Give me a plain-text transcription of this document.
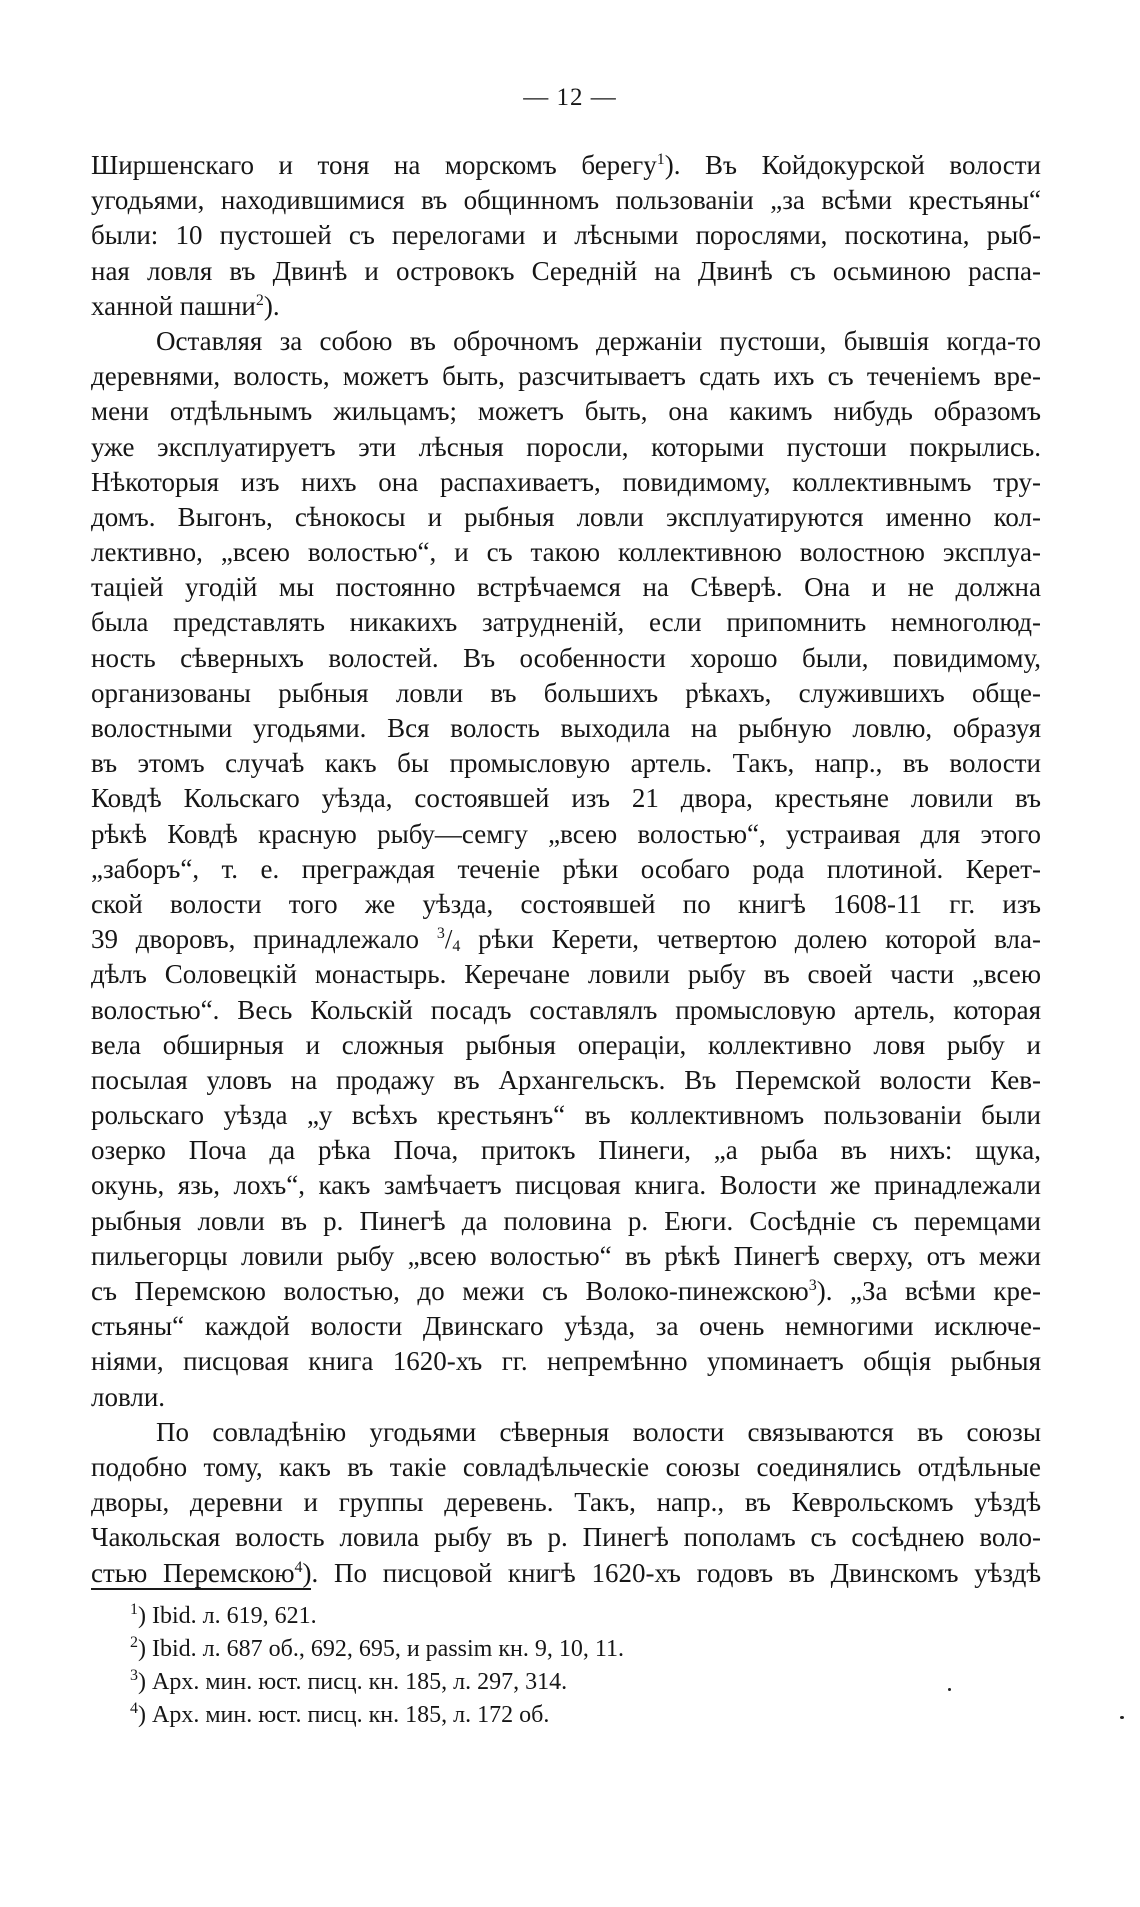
— 12 —
Ширшенскаго и тоня на морскомъ берегу$^1$). Въ Койдокурской волости
угодьями, находившимися въ общинномъ пользованіи „за всѣми крестьяны“
были: 10 пустошей съ перелогами и лѣсными порослями, поскотина, рыб-
ная ловля въ Двинѣ и островокъ Середній на Двинѣ съ осьминою распа-
ханной пашни$^2$).
Оставляя за собою въ оброчномъ держаніи пустоши, бывшія когда-то
деревнями, волость, можетъ быть, разсчитываетъ сдать ихъ съ теченіемъ вре-
мени отдѣльнымъ жильцамъ; можетъ быть, она какимъ нибудь образомъ
уже эксплуатируетъ эти лѣсныя поросли, которыми пустоши покрылись.
Нѣкоторыя изъ нихъ она распахиваетъ, повидимому, коллективнымъ тру-
домъ. Выгонъ, сѣнокосы и рыбныя ловли эксплуатируются именно кол-
лективно, „всею волостью“, и съ такою коллективною волостною эксплуа-
таціей угодій мы постоянно встрѣчаемся на Сѣверѣ. Она и не должна
была представлять никакихъ затрудненій, если припомнить немноголюд-
ность сѣверныхъ волостей. Въ особенности хорошо были, повидимому,
организованы рыбныя ловли въ большихъ рѣкахъ, служившихъ обще-
волостными угодьями. Вся волость выходила на рыбную ловлю, образуя
въ этомъ случаѣ какъ бы промысловую артель. Такъ, напр., въ волости
Ковдѣ Кольскаго уѣзда, состоявшей изъ 21 двора, крестьяне ловили въ
рѣкѣ Ковдѣ красную рыбу—семгу „всею волостью“, устраивая для этого
„заборъ“, т. е. преграждая теченіе рѣки особаго рода плотиной. Керет-
ской волости того же уѣзда, состоявшей по книгѣ 1608-11 гг. изъ
39 дворовъ, принадлежало $^3$/4 рѣки Керети, четвертою долею которой вла-
дѣлъ Соловецкій монастырь. Керечане ловили рыбу въ своей части „всею
волостью“. Весь Кольскій посадъ составлялъ промысловую артель, которая
вела обширныя и сложныя рыбныя операціи, коллективно ловя рыбу и
посылая уловъ на продажу въ Архангельскъ. Въ Перемской волости Кев-
рольскаго уѣзда „у всѣхъ крестьянъ“ въ коллективномъ пользованіи были
озерко Поча да рѣка Поча, притокъ Пинеги, „а рыба въ нихъ: щука,
окунь, язь, лохъ“, какъ замѣчаетъ писцовая книга. Волости же принадлежали
рыбныя ловли въ р. Пинегѣ да половина р. Еюги. Сосѣдніе съ перемцами
пильегорцы ловили рыбу „всею волостью“ въ рѣкѣ Пинегѣ сверху, отъ межи
съ Перемскою волостью, до межи съ Волоко-пинежскою$^3$). „За всѣми кре-
стьяны“ каждой волости Двинскаго уѣзда, за очень немногими исключе-
ніями, писцовая книга 1620-хъ гг. непремѣнно упоминаетъ общія рыбныя
ловли.
По совладѣнію угодьями сѣверныя волости связываются въ союзы
подобно тому, какъ въ такіе совладѣльческіе союзы соединялись отдѣльные
дворы, деревни и группы деревень. Такъ, напр., въ Кеврольскомъ уѣздѣ
Чакольская волость ловила рыбу въ р. Пинегѣ пополамъ съ сосѣднею воло-
стью Перемскою$^4$). По писцовой книгѣ 1620-хъ годовъ въ Двинскомъ уѣздѣ
$^1$) Ibid. л. 619, 621.
$^2$) Ibid. л. 687 об., 692, 695, и passim кн. 9, 10, 11.
$^3$) Арх. мин. юст. писц. кн. 185, л. 297, 314.
$^4$) Арх. мин. юст. писц. кн. 185, л. 172 об.
